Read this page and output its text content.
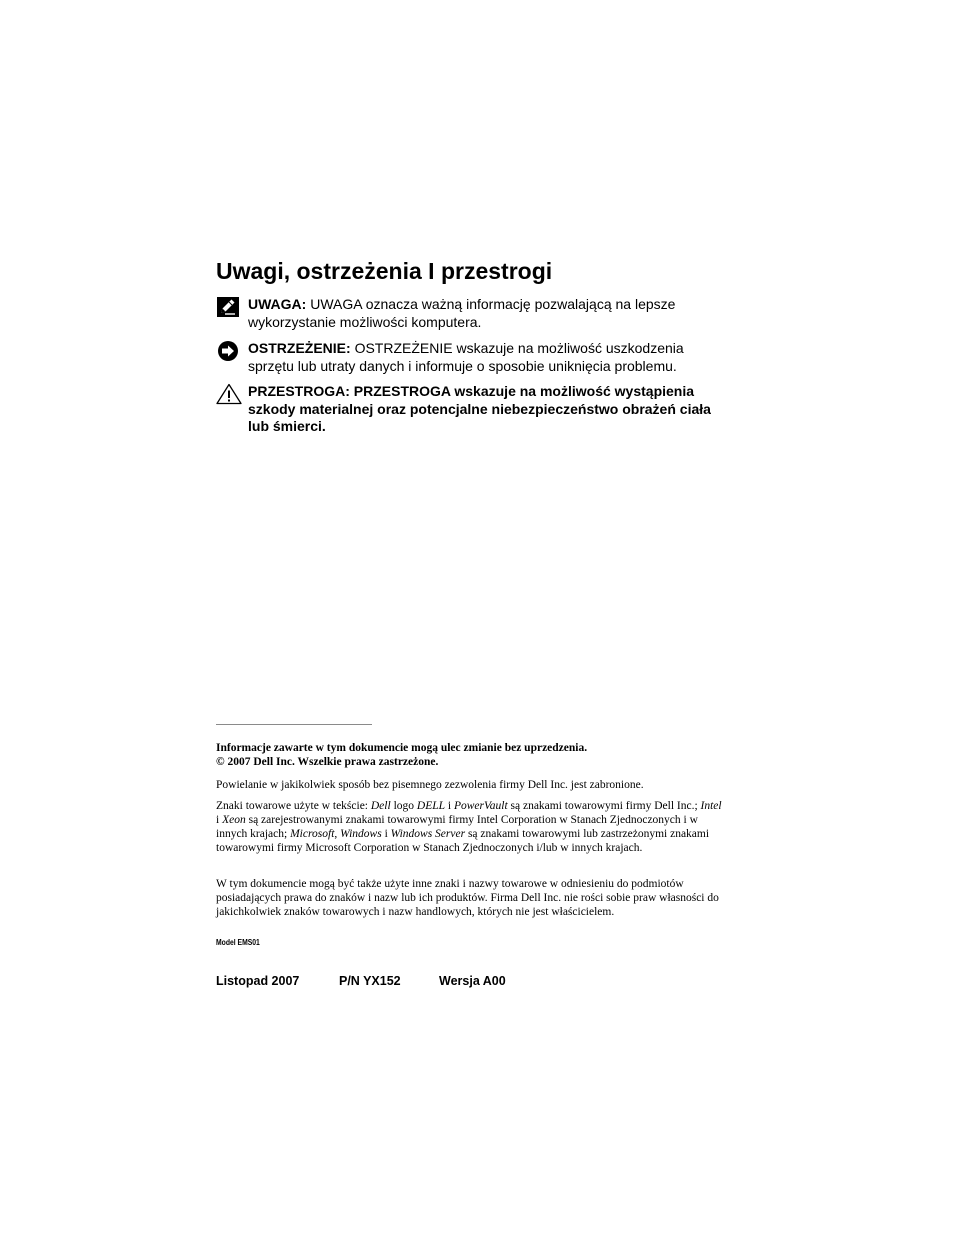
Uwagi, ostrzeżenia I przestrogi
UWAGA: UWAGA oznacza ważną informację pozwalającą na lepsze wykorzystanie możliwości komputera.
OSTRZEŻENIE: OSTRZEŻENIE wskazuje na możliwość uszkodzenia sprzętu lub utraty danych i informuje o sposobie uniknięcia problemu.
PRZESTROGA: PRZESTROGA wskazuje na możliwość wystąpienia szkody materialnej oraz potencjalne niebezpieczeństwo obrażeń ciała lub śmierci.

Informacje zawarte w tym dokumencie mogą ulec zmianie bez uprzedzenia.

© 2007 Dell Inc. Wszelkie prawa zastrzeżone.

Powielanie w jakikolwiek sposób bez pisemnego zezwolenia firmy Dell Inc. jest zabronione.

Znaki towarowe użyte w tekście: Dell logo DELL i PowerVault są znakami towarowymi firmy Dell Inc.; Intel i Xeon są zarejestrowanymi znakami towarowymi firmy Intel Corporation w Stanach Zjednoczonych i w innych krajach; Microsoft, Windows i Windows Server są znakami towarowymi lub zastrzeżonymi znakami towarowymi firmy Microsoft Corporation w Stanach Zjednoczonych i/lub w innych krajach.

W tym dokumencie mogą być także użyte inne znaki i nazwy towarowe w odniesieniu do podmiotów posiadających prawa do znaków i nazw lub ich produktów. Firma Dell Inc. nie rości sobie praw własności do jakichkolwiek znaków towarowych i nazw handlowych, których nie jest właścicielem.

Model EMS01
Listopad 2007	P/N YX152	Wersja A00
